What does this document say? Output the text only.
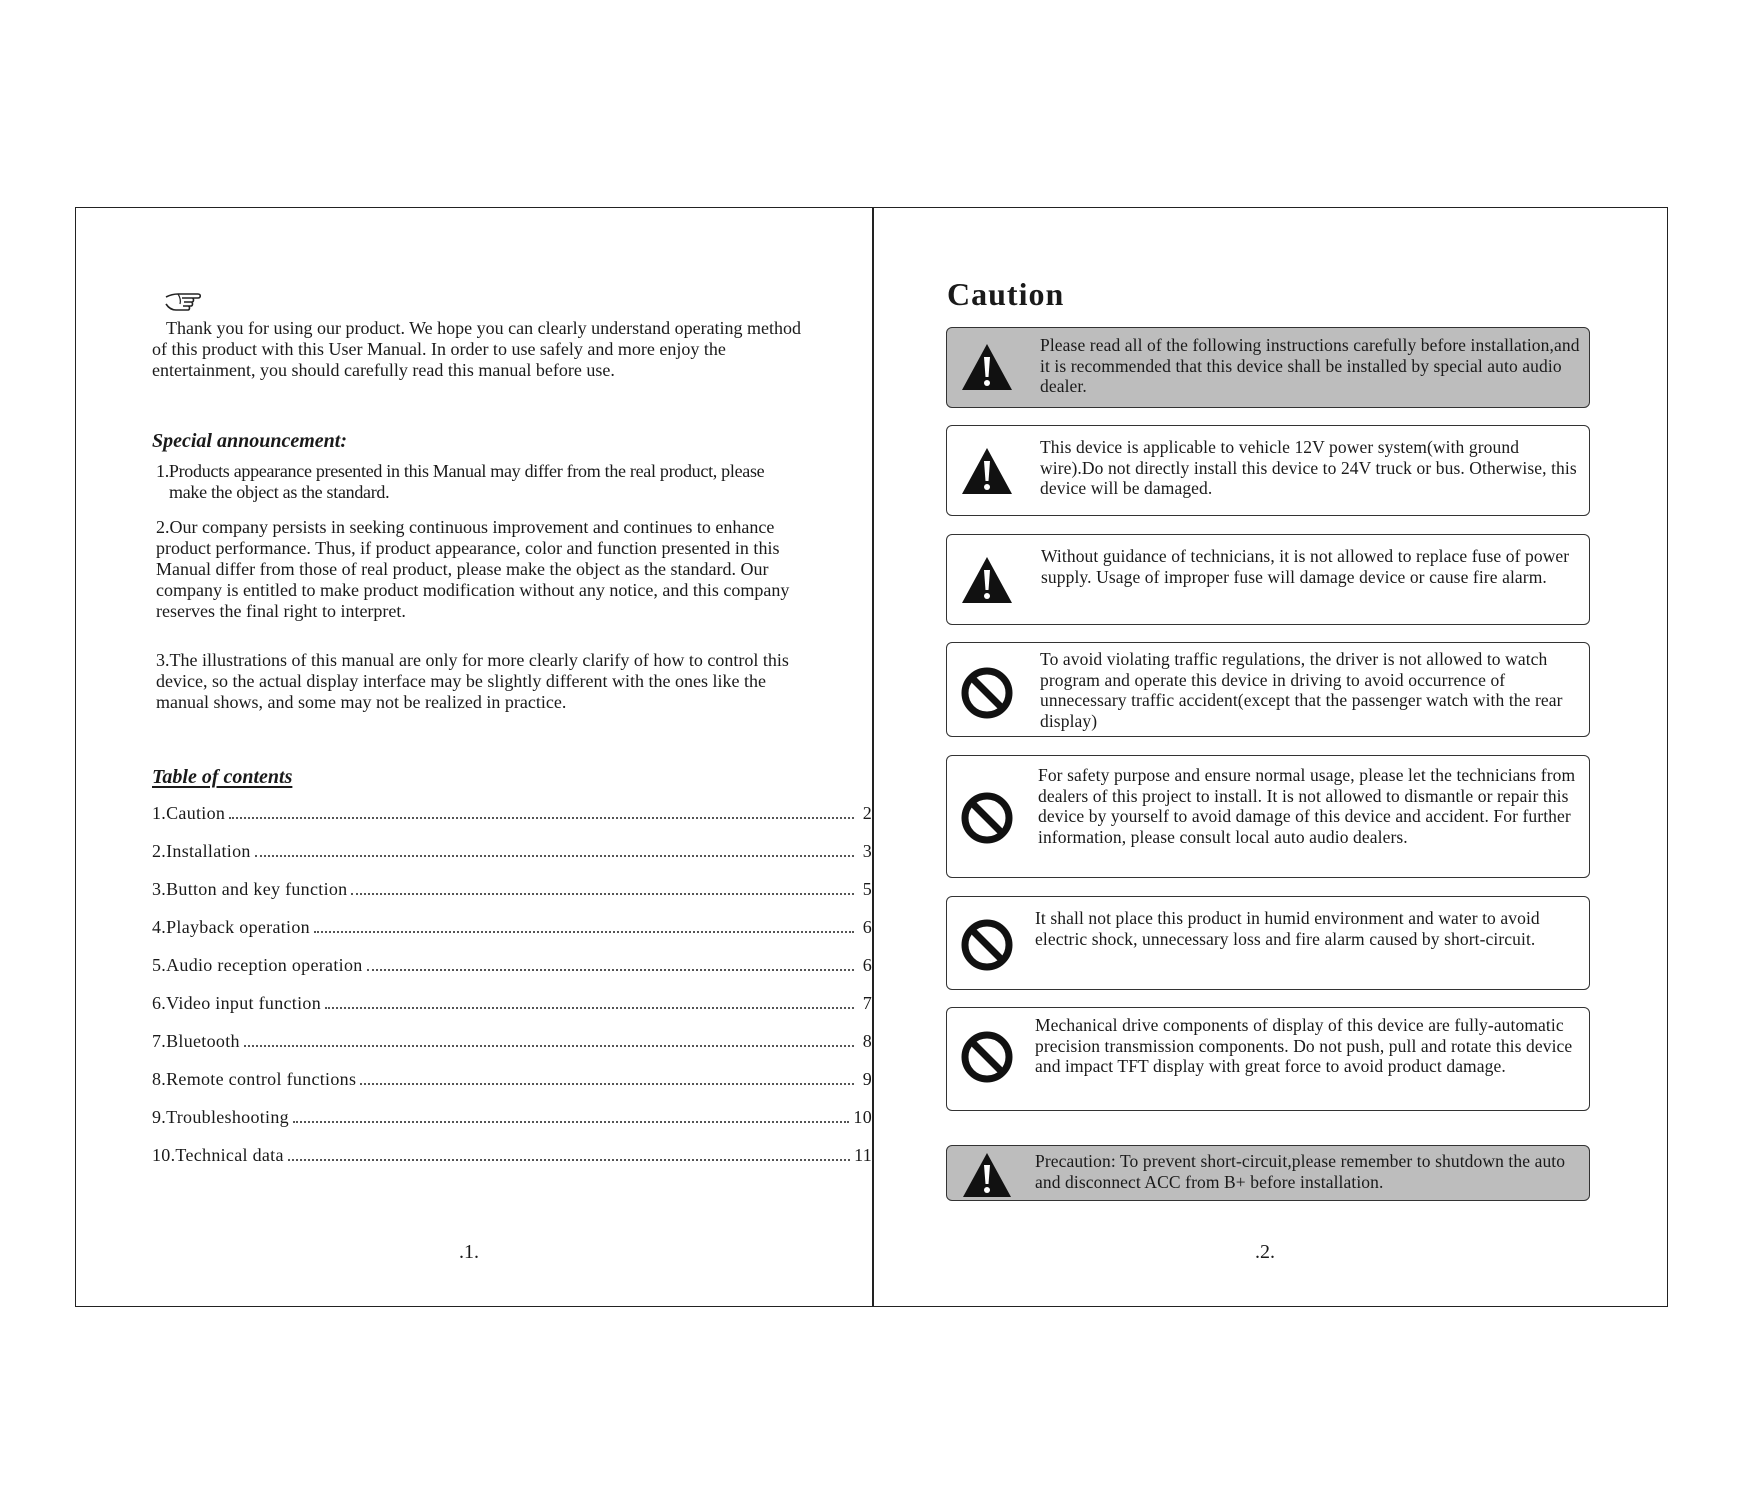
Thank you for using our product. We hope you can clearly understand operating method of this product with this User Manual. In order to use safely and more enjoy the entertainment, you should carefully read this manual before use.

Special announcement:

1.Products appearance presented in this Manual may differ from the real product, please
make the object as the standard.

2.Our company persists in seeking continuous improvement and continues to enhance product performance. Thus, if product appearance, color and function presented in this Manual differ from those of real product, please make the object as the standard. Our company is entitled to make product modification without any notice, and this company reserves the final right to interpret.

3.The illustrations of this manual are only for more clearly clarify of how to control this device, so the actual display interface may be slightly different with the ones like the manual shows, and some may not be realized in practice.

Table of contents
1.Caution	2
2.Installation	3
3.Button and key function	5
4.Playback operation	6
5.Audio reception operation	6
6.Video input function	7
7.Bluetooth	8
8.Remote control functions	9
9.Troubleshooting	10
10.Technical data	11
.1.
Caution

Please read all of the following instructions carefully before installation,and it is recommended that this device shall be installed by special auto audio dealer.

This device is applicable to vehicle 12V power system(with ground wire).Do not directly install this device to 24V truck or bus. Otherwise, this device will be damaged.

Without guidance of technicians, it is not allowed to replace fuse of power supply. Usage of improper fuse will damage device or cause fire alarm.

To avoid violating traffic regulations, the driver is not allowed to watch program and operate this device in driving to avoid occurrence of unnecessary traffic accident(except that the passenger watch with the rear display)

For safety purpose and ensure normal usage, please let the technicians from dealers of this project to install. It is not allowed to dismantle or repair this device by yourself to avoid damage of this device and accident. For further information, please consult local auto audio dealers.

It shall not place this product in humid environment and water to avoid electric shock, unnecessary loss and fire alarm caused by short-circuit.

Mechanical drive components of display of this device are fully-automatic precision transmission components. Do not push, pull and rotate this device and impact TFT display with great force to avoid product damage.

Precaution: To prevent short-circuit,please remember to shutdown the auto and disconnect ACC from B+ before installation.

.2.
